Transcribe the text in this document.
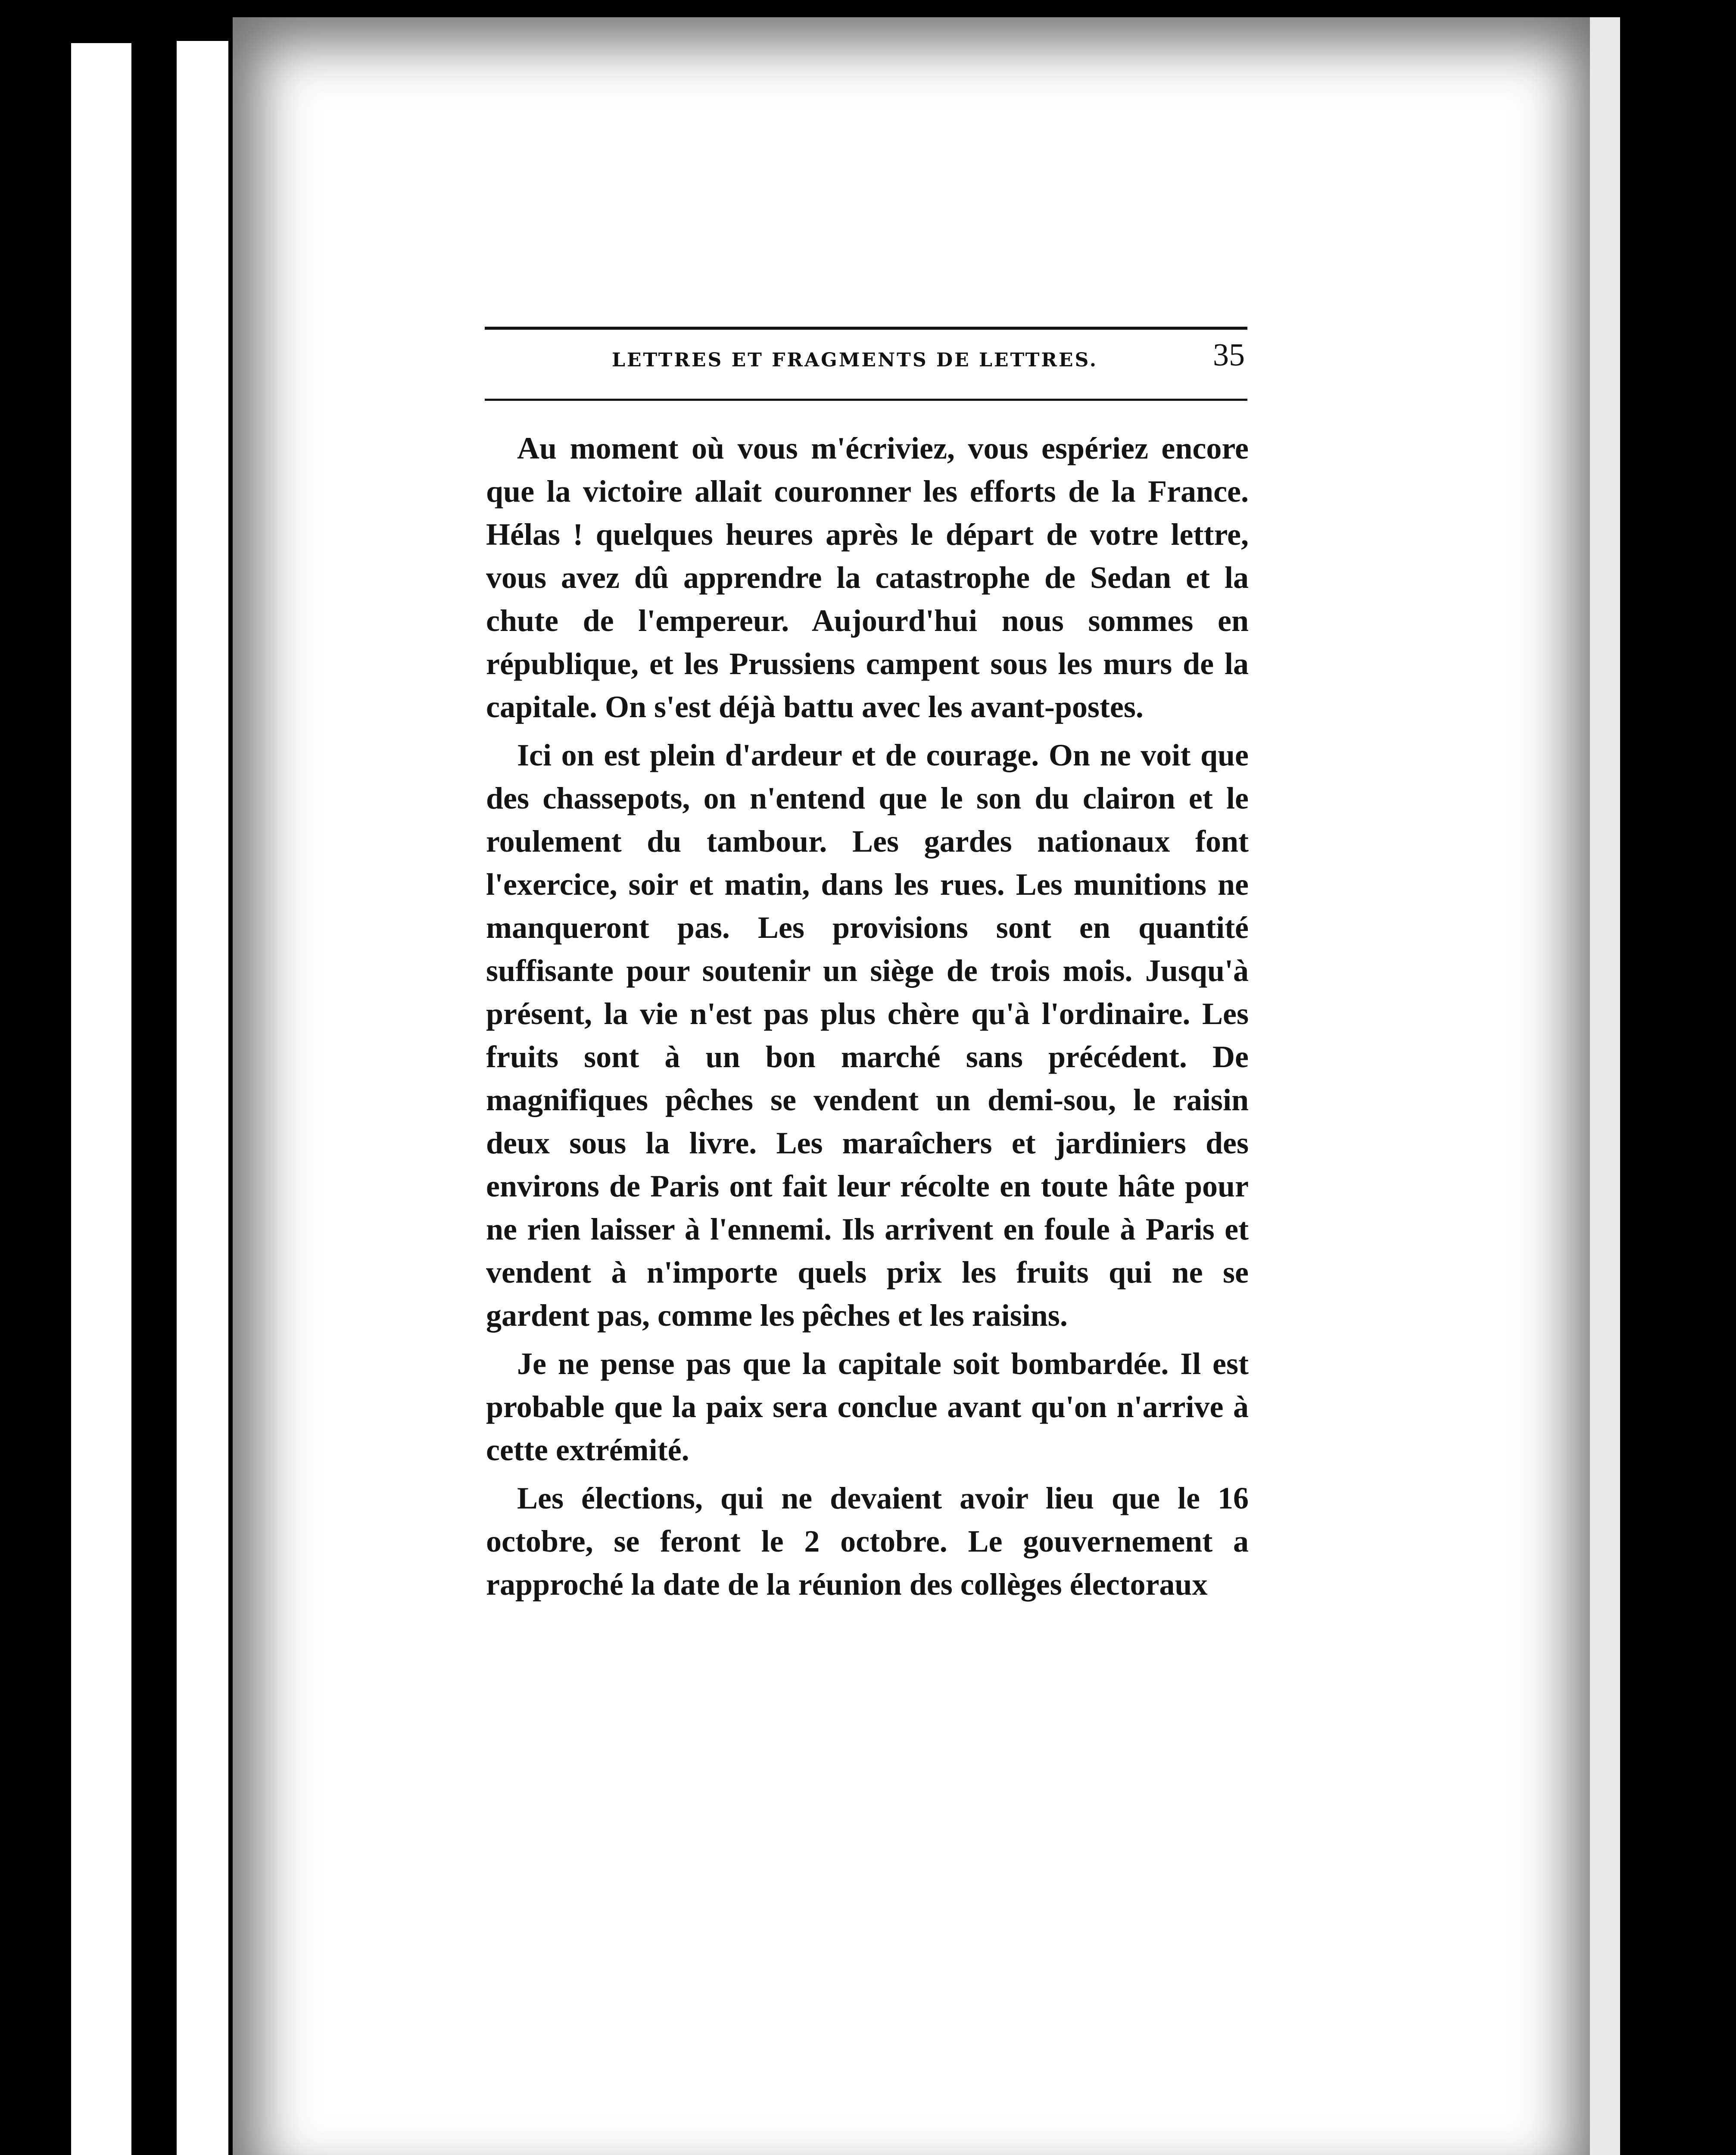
LETTRES ET FRAGMENTS DE LETTRES.	35

Au moment où vous m'écriviez, vous espériez encore que la victoire allait couronner les efforts de la France. Hélas ! quelques heures après le départ de votre lettre, vous avez dû apprendre la catastrophe de Sedan et la chute de l'empereur. Aujourd'hui nous sommes en république, et les Prussiens campent sous les murs de la capitale. On s'est déjà battu avec les avant-postes.

Ici on est plein d'ardeur et de courage. On ne voit que des chassepots, on n'entend que le son du clairon et le roulement du tambour. Les gardes nationaux font l'exercice, soir et matin, dans les rues. Les munitions ne manqueront pas. Les provisions sont en quantité suffisante pour soutenir un siège de trois mois. Jusqu'à présent, la vie n'est pas plus chère qu'à l'ordinaire. Les fruits sont à un bon marché sans précédent. De magnifiques pêches se vendent un demi-sou, le raisin deux sous la livre. Les maraîchers et jardiniers des environs de Paris ont fait leur récolte en toute hâte pour ne rien laisser à l'ennemi. Ils arrivent en foule à Paris et vendent à n'importe quels prix les fruits qui ne se gardent pas, comme les pêches et les raisins.

Je ne pense pas que la capitale soit bombardée. Il est probable que la paix sera conclue avant qu'on n'arrive à cette extrémité.

Les élections, qui ne devaient avoir lieu que le 16 octobre, se feront le 2 octobre. Le gouvernement a rapproché la date de la réunion des collèges électoraux
